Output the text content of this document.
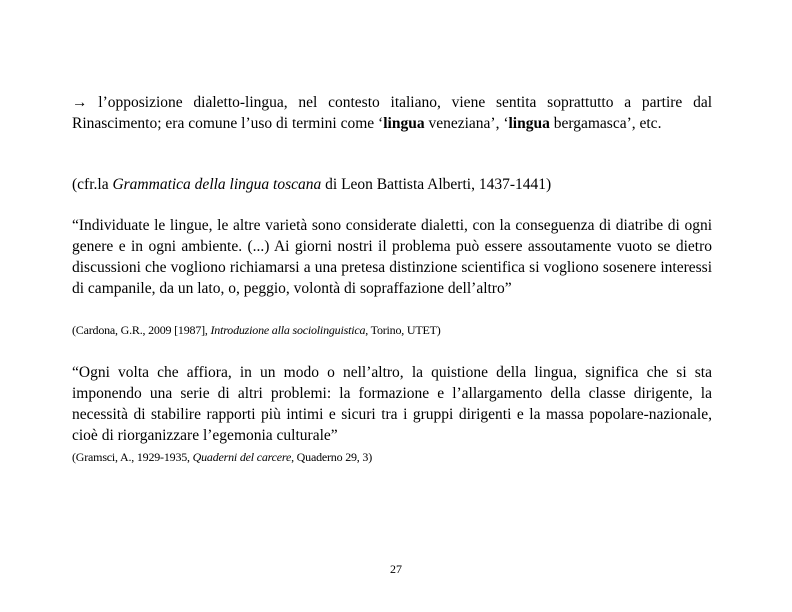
→ l’opposizione dialetto-lingua, nel contesto italiano, viene sentita soprattutto a partire dal Rinascimento; era comune l’uso di termini come ‘lingua veneziana’, ‘lingua bergamasca’, etc.

(cfr.la Grammatica della lingua toscana di Leon Battista Alberti, 1437-1441)

“Individuate le lingue, le altre varietà sono considerate dialetti, con la conseguenza di diatribe di ogni genere e in ogni ambiente. (...) Ai giorni nostri il problema può essere assoutamente vuoto se dietro discussioni che vogliono richiamarsi a una pretesa distinzione scientifica si vogliono sosenere interessi di campanile, da un lato, o, peggio, volontà di sopraffazione dell’altro”

(Cardona, G.R., 2009 [1987], Introduzione alla sociolinguistica, Torino, UTET)

“Ogni volta che affiora, in un modo o nell’altro, la quistione della lingua, significa che si sta imponendo una serie di altri problemi: la formazione e l’allargamento della classe dirigente, la necessità di stabilire rapporti più intimi e sicuri tra i gruppi dirigenti e la massa popolare-nazionale, cioè di riorganizzare l’egemonia culturale”

(Gramsci, A., 1929-1935, Quaderni del carcere, Quaderno 29, 3)
27
